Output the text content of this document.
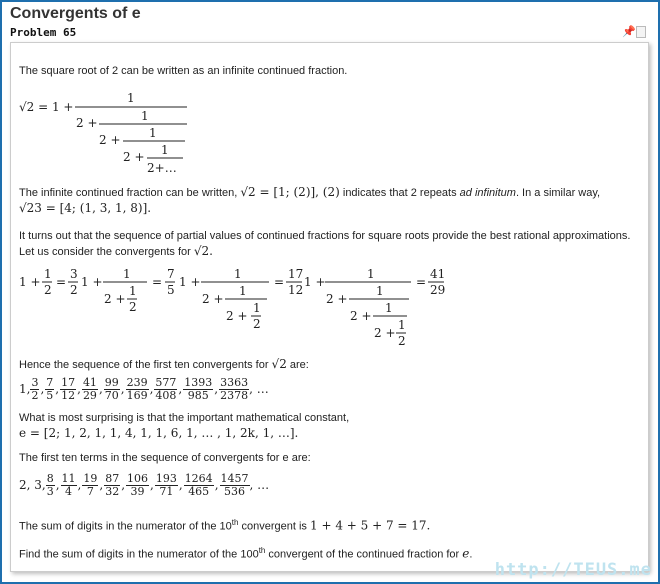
Convergents of e
Problem 65	📌

The square root of 2 can be written as an infinite continued fraction.

√2 = 1 +
1
2 +	1
2 + 1
2 + 1
2+…

The infinite continued fraction can be written, √2 = [1; (2)], (2) indicates that 2 repeats ad infinitum. In a similar way,
√23 = [4; (1, 3, 1, 8)].

It turns out that the sequence of partial values of continued fractions for square roots provide the best rational approximations.
Let us consider the convergents for √2.

1 +
1
2
=
3
2
1 +
1
2 +
1
2
=
7
5
1 +
1
2 +
1
2 +
1
2
=
17
12
1 +
1
2 +
1
2 +
1
2 +
1
2
=
41
29

Hence the sequence of the first ten convergents for √2 are:

1, $\frac{3}{2}$ , $\frac{7}{5}$ , $\frac{17}{12}$ , $\frac{41}{29}$ , $\frac{99}{70}$ , $\frac{239}{169}$ , $\frac{577}{408}$ , $\frac{1393}{985}$ , $\frac{3363}{2378}$ , …

What is most surprising is that the important mathematical constant,
e = [2; 1, 2, 1, 1, 4, 1, 1, 6, 1, … , 1, 2k, 1, …].

The first ten terms in the sequence of convergents for e are:

2, 3, $\frac{8}{3}$ , $\frac{11}{4}$ , $\frac{19}{7}$ , $\frac{87}{32}$ , $\frac{106}{39}$ , $\frac{193}{71}$ , $\frac{1264}{465}$ , $\frac{1457}{536}$ , …

The sum of digits in the numerator of the 10th convergent is 1 + 4 + 5 + 7 = 17.

Find the sum of digits in the numerator of the 100th convergent of the continued fraction for e.

http://TEUS.me
